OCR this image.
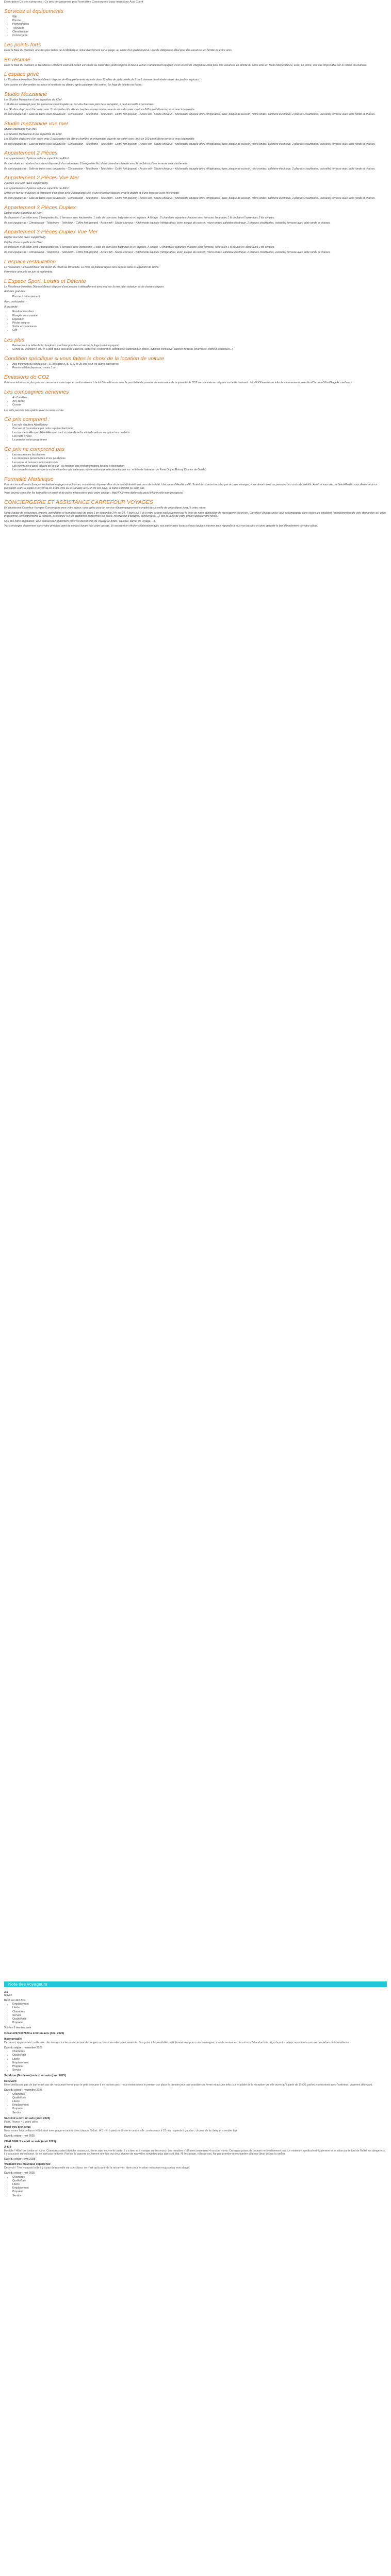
Description Ce prix comprend : Ce prix ne comprend pas Formalités Conciergerie Logo impaktour Avis Client
Services et équipements
• Wifi
• Piscine
• Point wireless
• Télévision
• Climatisation
• Conciergerie
Les points forts

Dans la Baie du Diamant, une des plus belles de la Martinique. Situé directement sur la plage, au coeur d'un jardin tropical. Lieu de villégiature idéal pour des vacances en famille ou entre amis.

En résumé

Dans la Baie du Diamant, la Résidence Hôtelière Diamant Beach est située au coeur d'un jardin tropical et face à la mer. Parfaitement équipée, c'est un lieu de villégiature idéal pour des vacances en famille ou entre amis en toute indépendance, avec, en prime, une vue imprenable sur le rocher du Diamant.

L'espace privé

La Résidence Hôtelière Diamant Beach dispose de 49 appartements répartis dans 10 villas de style créole de 2 ou 3 niveaux disséminées dans des jardins tropicaux.

Une cuisine est demandée sur place et restituée au départ, après paiement des extras. Le linge de toilette est fourni.

Studio Mezzanine

Les Studios Mezzanine d'une superficie de 47m².

1 Studio est aménagé pour les personnes handicapées au rez-de-chaussée près de la réception, il peut accueillir 2 personnes.

Les Studios disposent d'un salon avec 2 banquettes lits, d'une chambre en mezzanine ouverte sur salon avec un lit en 160 cm et d'une terrasse avec kitchenette.

Ils sont équipés de : Salle de bains avec douche/wc - Climatisation - Téléphone - Télévision - Coffre fort (payant) - Accès wifi - Sèche-cheveux - Kitchenette équipée (mini réfrigérateur, évier, plaque de cuisson, micro-ondes, cafetière électrique, 2 plaques chauffantes, vaisselle) terrasse avec table ronde et chaises.

Studio mezzanine vue mer

Studio Mezzanine Vue Mer.

Les Studios Mezzanine d'une superficie de 47m².

Les Studios disposent d'un salon avec 2 banquettes lits, d'une chambre en mezzanine ouverte sur salon avec un lit en 160 cm et d'une terrasse avec kitchenette.

Ils sont équipés de : Salle de bains avec douche/wc - Climatisation - Téléphone - Télévision - Coffre fort (payant) - Accès wifi - Sèche-cheveux - Kitchenette équipée (mini réfrigérateur, évier, plaque de cuisson, micro-ondes, cafetière électrique, 2 plaques chauffantes, vaisselle) terrasse avec table ronde et chaises.

Appartement 2 Pièces

Les appartements 2 pièces ont une superficie de 49m².

Ils sont situés en rez-de-chaussée et disposent d'un salon avec 2 banquettes lits, d'une chambre séparée avec lit double et d'une terrasse avec kitchenette.

Ils sont équipés de : Salle de bains avec douche/wc - Climatisation - Téléphone - Télévision - Coffre fort (payant) - Accès wifi - Sèche-cheveux - Kitchenette équipée (mini réfrigérateur, évier, plaque de cuisson, micro-ondes, cafetière électrique, 2 plaques chauffantes, vaisselle) terrasse avec table ronde et chaises.

Appartement 2 Pièces Vue Mer

2 pièces Vue Mer (avec supplément).

Les appartements 2 pièces ont une superficie de 49m².

Situés en rez-de-chaussée et disposent d'un salon avec 2 banquettes lits, d'une chambre séparée avec lit double et d'une terrasse avec kitchenette.

Ils sont équipés de : Salle de bains avec douche/wc - Climatisation - Téléphone - Télévision - Coffre fort (payant) - Accès wifi - Sèche-cheveux - Kitchenette équipée (mini réfrigérateur, évier, plaque de cuisson, micro-ondes, cafetière électrique, 2 plaques chauffantes, vaisselle) terrasse avec table ronde et chaises.

Appartement 3 Pièces Duplex

Duplex d'une superficie de 72m².

Ils disposent d'un salon avec 2 banquettes lits, 1 terrasse avec kitchenette, 1 salle de bain avec baignoire et wc séparés. À l'étage : 2 chambres séparées chacune avec terrasse, l'une avec 1 lit double et l'autre avec 2 lits simples.

Ils sont équipés de : Climatisation - Téléphone - Télévision - Coffre fort (payant) - Accès wifi - Sèche-cheveux - Kitchenette équipée (réfrigérateur, évier, plaque de cuisson, micro-ondes, cafetière électrique, 2 plaques chauffantes, vaisselle) terrasse avec table ronde et chaises.

Appartement 3 Pièces Duplex Vue Mer

Duplex vue Mer (avec supplément).

Duplex d'une superficie de 72m².

Ils disposent d'un salon avec 2 banquettes lits, 1 terrasse avec kitchenette, 1 salle de bain avec baignoire et wc séparés. À l'étage : 2 chambres séparées chacune avec terrasse, l'une avec 1 lit double et l'autre avec 2 lits simples.

Ils sont équipés de : Climatisation - Téléphone - Télévision - Coffre fort (payant) - Accès wifi - Sèche-cheveux - Kitchenette équipée (réfrigérateur, évier, plaque de cuisson, micro-ondes, cafetière électrique, 2 plaques chauffantes, vaisselle) terrasse avec table ronde et chaises.

L'espace restauration

Le restaurant "Le Grand Bleu" est ouvert du mardi au dimanche. Le midi, se plateau repas sera déposé dans le logement du client.

Fermeture annuelle en juin et septembre.

L'Espace Sport, Loisirs et Détente

La Résidence Hôtelière Diamant Beach dispose d'une piscine à débordement avec vue sur la mer, d'un solarium et de chaises longues.

Activités gratuites :

• Piscine à débordement

Avec participation :

À proximité :

• Randonnées dans
• Plongée sous marine
• Équitation
• Pêche au gros
• Sortie en catamaran
• Golf
Les plus
• Bienvenue à la table de la réception : machine pour bon et sécher le linge (service payant)
• Centre du Diamant à 300 m à pied (pour tout local, cabinets, supérette, restaurants, distributeur automatique, poste, syndicat d'initiative, cabinet médical, pharmacie, coiffeur, boutiques...)
Condition spécifique si vous faites le choix de la location de voiture
• Age minimum du conducteur : 21 ans pour A, B, C, D et 25 ans pour les autres catégories
• Permis valable depuis au moins 1 an
Émissions de CO2

Pour une information plus précise concernant votre trajet et conformément à la loi Grenelle vous avez la possibilité de prendre connaissance de la quantité de CO2 consommée en cliquant sur le lien suivant : http//XXX/www.ecoe.infos/environnement-protection/CarboneOffset/PageAccueil.aspx

Les compagnies aériennes
• Air Caraïbes
• Air France
• Corsair

Les vols peuvent être opérés avec ou sans escale

Ce prix comprend :
• Les vols réguliers Aller/Retour
• Carcasil et l'assistance par notre représentant local
• Les transferts Aéroport/Hôtel/Aéroport sauf si prise d'une location de voiture en option lors du devis
• Les nuits d'hôtel
• La pension selon programme
Ce prix ne comprend pas
• Les assurances facultatives
• Les dépenses personnelles et les pourboires
• Les repas et boissons non mentionnés
• Les éventuelles taxes locales de séjour - ou fonction des réglementations locales à destination
• Les nouvelles taxes aéroports en fonction des vols nationaux et internationaux sélectionnés (par ex : entrée de l'aéroport de Paris Orly et Roissy Charles de Gaulle)
Formalité Martinique

Pour les ressortissants français souhaitant voyager en outre-mer, vous devez disposer d'un document d'identité en cours de validité. Une carte d'identité suffit. Toutefois, si vous transitez par un pays étranger, vous devrez avoir un passeport en cours de validité. Ainsi, si vous allez à Saint-Martin, vous devez avoir un passeport. Dans le cadre d'un vol via les États-Unis ou le Canada vers l'un de ces pays, la carte d'identité ne suffit pas.

Vous pouvez consulter les formalités et santé et de police nécessaires pour votre voyage : http//XXX/www.diplomatie.gouv.fr/fr/conseils-aux-voyageurs/

CONCIERGERIE ET ASSISTANCE CARREFOUR VOYAGES

En choisissant Carrefour Voyages Conciergerie pour votre séjour, vous optez pour un service d'accompagnement complet dès la veille de votre départ jusqu'à votre retour.

Notre équipe de concierges, experts, polyglottes et humaines joue de votre 1 en disponible 24h sur 24, 7 jours sur 7 et à votre écoute exclusivement par le biais de notre application de messagerie sécurisée, Carrefour Voyages pour vous accompagner dans toutes les situations (enregistrement de vols, demandes sur votre programme, renseignements & conseils, assistance sur les problèmes rencontrés sur place, réservation d'activités, conciergerie, ...) dès la veille de votre départ jusqu'à votre retour.

Une fois notre application, vous retrouverez également tous vos documents de voyage (e-billets, vaucher, carnet de voyage, ...).

Vos concierges deviennent alors votre principal point de contact durant tout votre voyage. Ils assistent en étroite collaboration avec nos partenaires locaux et nos équipes internes pour répondre à tous vos besoins et ainsi, garantir le bon déroulement de votre séjour.

Note des voyageurs
3.5
Moyen
Basé sur 442 Avis
• Emplacement
• Literie
• Chambres
• Service
• Qualité/prix
• Propreté
Voir les 5 derniers avis
Oceane0971607829 a écrit un avis (déc. 2025)
Inconcevable

Décevant, appartement, salle avec des travaux sur les murs portant de dangers au dessi en rebs quasi, avancés. Bon point à la possibilité parlé bonnement pour nous renseigner, mais le restaurant, fermé et à l'abandon très déçu de votre séjour nous avons aucune procédure de la résidence

Date du séjour : novembre 2025
• Chambres
• Qualité/prix
• Literie
• Emplacement
• Propreté
• Service
Sandrine (Bordeaux) a écrit un avis (nov. 2025)
Décevant

Hôtel vieillissant pas de bar fermé pas de restaurant fermé pour le petit déjeuner il en parlons pas : nous évoluissions le premier sur place le premier jour pas possible car fermé et aucune infos sur le publié de la réception qui elle ouvre qu'à partir de 11h30, parfois connexions avec l'extérieur. Vraiment décevant.

Date du séjour : novembre 2025
• Chambres
• Qualité/prix
• Literie
• Emplacement
• Propreté
• Service
Sao1412 a écrit un avis (août 2025)

Paris, France • 1 votes utiles

Hôtel tres bien situé

Nous avons fait confiance Hôtel situé avec plage en accès direct depuis l'hôtel ; À 5 min à pieds à étroite le centre ville ; restaurants à 10 min ; à pieds à gauche ; cirques de la chery et a verdier top

Date du séjour : mai 2025
CHALBINE S a écrit un avis (août 2025)
À fuir

Horrible ! Hôtel qui tombe en ruine. Chambres sales (douche crasseuse, literie sale, couvre-lit crade, il y a bien et à manger sur les murs). Les meubles n'offraient seulement 4 ou sont morts. Certaines prises de courant ne fonctionnent pas. Le minimum syndical est également et le salon par le tout de l'hôtel est dangereux, il y a aucune surveillance. Ils ne sont pas nettoyer. Parfois ils passent seulement une fois sur deux donner de nouvelles serviettes plus dans cet état. Ni l'éclairage, ni les prises. Ne pas prendre une chambre côté rue (bruit depuis la ruelle).

Date du séjour : avril 2025
Vraiment tres mauvaise experience

Décevoir ! Très mauvais la de il y a pas de nouvelle sur son séjour, ce n'est qu'à partir de la mi-janvier. Idem pour le salon restaurant en jusqu'au mois d'avril.

Date du séjour : mai 2025
• Chambres
• Qualité/prix
• Literie
• Emplacement
• Propreté
• Service
